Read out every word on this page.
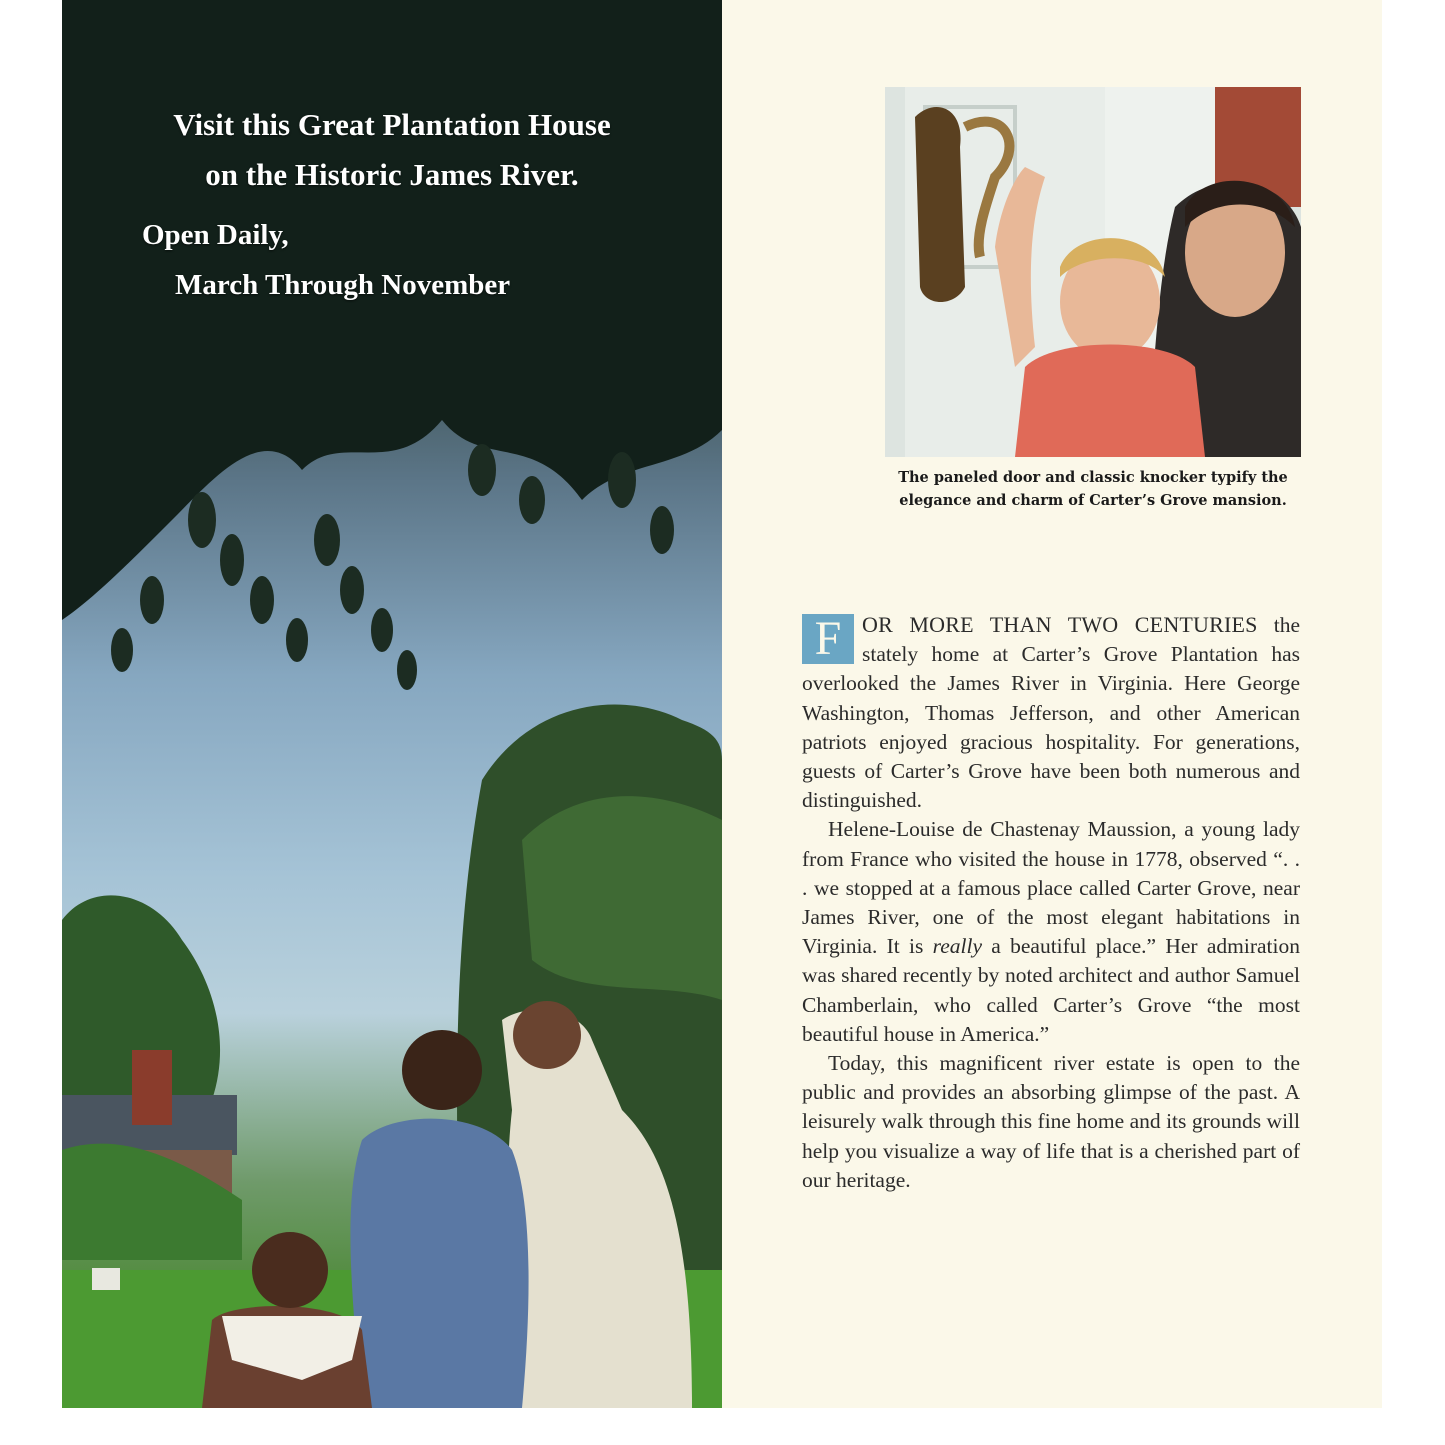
Visit this Great Plantation House
on the Historic James River.

Open Daily,
March Through November

The paneled door and classic knocker typify the
elegance and charm of Carter’s Grove mansion.

F OR MORE THAN TWO CENTURIES the stately home at Carter’s Grove Plantation has overlooked the James River in Virginia. Here George Washington, Thomas Jefferson, and other American patriots enjoyed gracious hospitality. For generations, guests of Carter’s Grove have been both numerous and distinguished.

Helene-Louise de Chastenay Maussion, a young lady from France who visited the house in 1778, observed “. . . we stopped at a famous place called Carter Grove, near James River, one of the most elegant habitations in Virginia. It is really a beautiful place.” Her admiration was shared recently by noted architect and author Samuel Chamberlain, who called Carter’s Grove “the most beautiful house in America.”

Today, this magnificent river estate is open to the public and provides an absorbing glimpse of the past. A leisurely walk through this fine home and its grounds will help you visualize a way of life that is a cherished part of our heritage.
